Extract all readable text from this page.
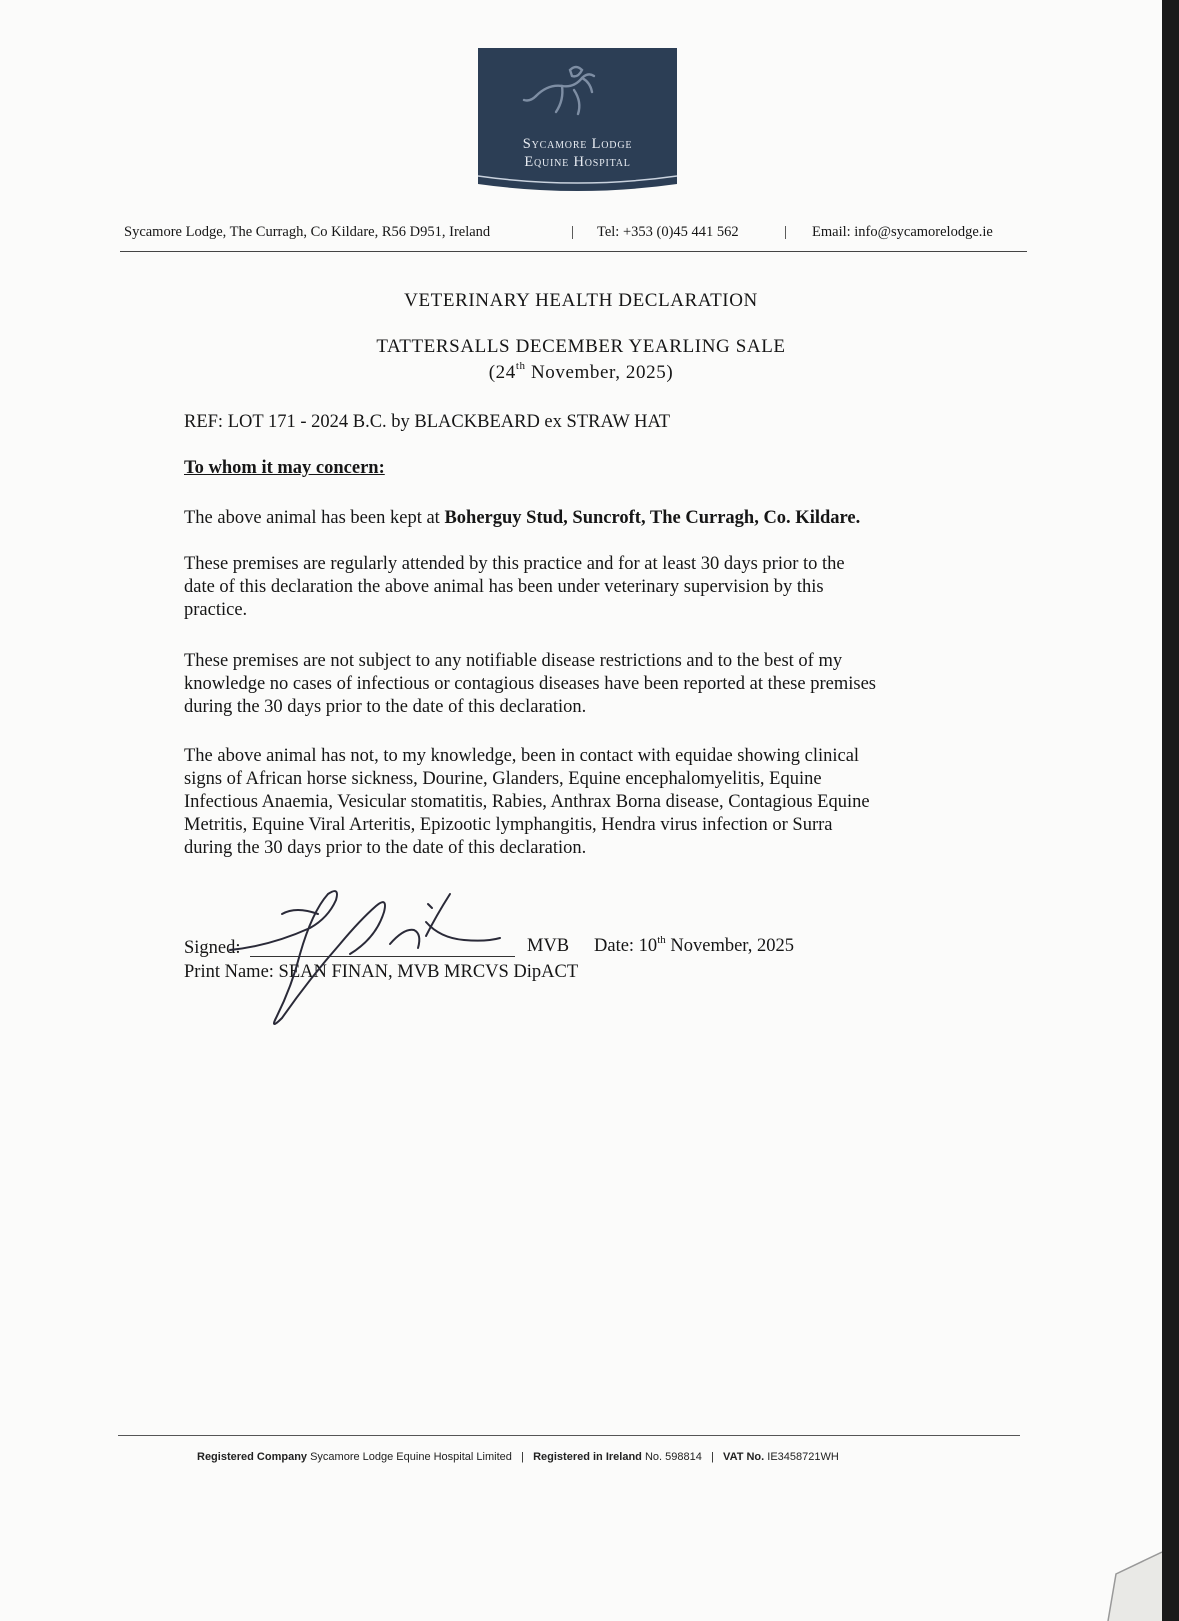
Sycamore Lodge
Equine Hospital
Sycamore Lodge, The Curragh, Co Kildare, R56 D951, Ireland	| Tel: +353 (0)45 441 562	| Email: info@sycamorelodge.ie
VETERINARY HEALTH DECLARATION
TATTERSALLS DECEMBER YEARLING SALE
(24th November, 2025)
REF: LOT 171 - 2024 B.C. by BLACKBEARD ex STRAW HAT
To whom it may concern:
The above animal has been kept at Boherguy Stud, Suncroft, The Curragh, Co. Kildare.
These premises are regularly attended by this practice and for at least 30 days prior to the
date of this declaration the above animal has been under veterinary supervision by this
practice.
These premises are not subject to any notifiable disease restrictions and to the best of my
knowledge no cases of infectious or contagious diseases have been reported at these premises
during the 30 days prior to the date of this declaration.
The above animal has not, to my knowledge, been in contact with equidae showing clinical
signs of African horse sickness, Dourine, Glanders, Equine encephalomyelitis, Equine
Infectious Anaemia, Vesicular stomatitis, Rabies, Anthrax Borna disease, Contagious Equine
Metritis, Equine Viral Arteritis, Epizootic lymphangitis, Hendra virus infection or Surra
during the 30 days prior to the date of this declaration.
Signed:	MVB Date: 10th November, 2025
Print Name: SEAN FINAN, MVB MRCVS DipACT
Registered Company Sycamore Lodge Equine Hospital Limited | Registered in Ireland No. 598814 | VAT No. IE3458721WH
